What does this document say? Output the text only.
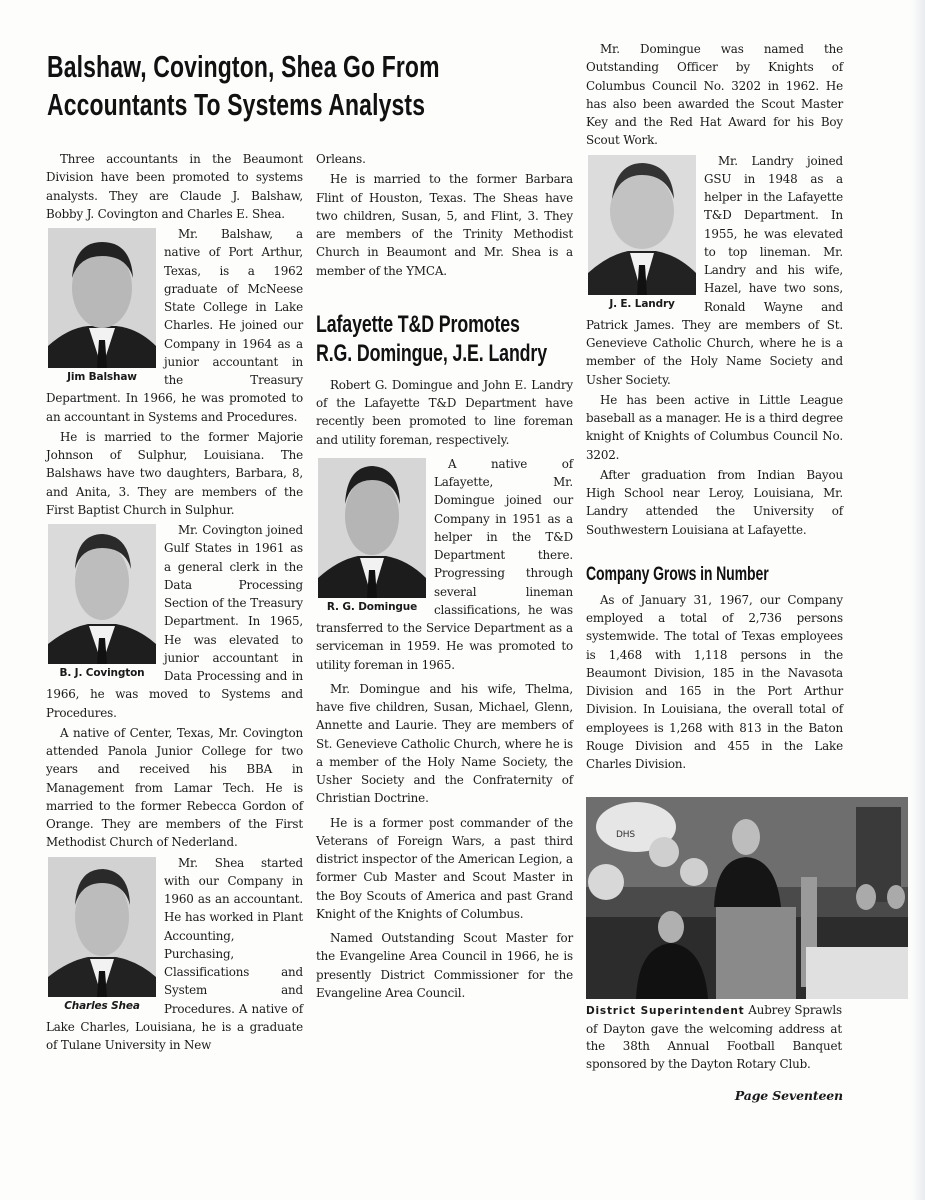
Balshaw, Covington, Shea Go From
Accountants To Systems Analysts

Three accountants in the Beaumont Division have been promoted to systems analysts. They are Claude J. Balshaw, Bobby J. Covington and Charles E. Shea.

Jim Balshaw

Mr. Balshaw, a native of Port Arthur, Texas, is a 1962 graduate of McNeese State College in Lake Charles. He joined our Company in 1964 as a junior accountant in the Treasury Department. In 1966, he was promoted to an accountant in Systems and Procedures.

He is married to the former Majorie Johnson of Sulphur, Louisiana. The Balshaws have two daughters, Barbara, 8, and Anita, 3. They are members of the First Baptist Church in Sulphur.

B. J. Covington

Mr. Covington joined Gulf States in 1961 as a general clerk in the Data Processing Section of the Treasury Department. In 1965, He was elevated to junior accountant in Data Processing and in 1966, he was moved to Systems and Procedures.

A native of Center, Texas, Mr. Covington attended Panola Junior College for two years and received his BBA in Management from Lamar Tech. He is married to the former Rebecca Gordon of Orange. They are members of the First Methodist Church of Nederland.

Charles Shea

Mr. Shea started with our Company in 1960 as an accountant. He has worked in Plant Accounting, Purchasing, Classifications and System and Procedures. A native of Lake Charles, Louisiana, he is a graduate of Tulane University in New

Orleans.

He is married to the former Barbara Flint of Houston, Texas. The Sheas have two children, Susan, 5, and Flint, 3. They are members of the Trinity Methodist Church in Beaumont and Mr. Shea is a member of the YMCA.

Lafayette T&D Promotes
R.G. Domingue, J.E. Landry

Robert G. Domingue and John E. Landry of the Lafayette T&D Department have recently been promoted to line foreman and utility foreman, respectively.

R. G. Domingue

A native of Lafayette, Mr. Domingue joined our Company in 1951 as a helper in the T&D Department there. Progressing through several lineman classifications, he was transferred to the Service Department as a serviceman in 1959. He was promoted to utility foreman in 1965.

Mr. Domingue and his wife, Thelma, have five children, Susan, Michael, Glenn, Annette and Laurie. They are members of St. Genevieve Catholic Church, where he is a member of the Holy Name Society, the Usher Society and the Confraternity of Christian Doctrine.

He is a former post commander of the Veterans of Foreign Wars, a past third district inspector of the American Legion, a former Cub Master and Scout Master in the Boy Scouts of America and past Grand Knight of the Knights of Columbus.

Named Outstanding Scout Master for the Evangeline Area Council in 1966, he is presently District Commissioner for the Evangeline Area Council.

Mr. Domingue was named the Outstanding Officer by Knights of Columbus Council No. 3202 in 1962. He has also been awarded the Scout Master Key and the Red Hat Award for his Boy Scout Work.

J. E. Landry

Mr. Landry joined GSU in 1948 as a helper in the Lafayette T&D Department. In 1955, he was elevated to top lineman. Mr. Landry and his wife, Hazel, have two sons, Ronald Wayne and Patrick James. They are members of St. Genevieve Catholic Church, where he is a member of the Holy Name Society and Usher Society.

He has been active in Little League baseball as a manager. He is a third degree knight of Knights of Columbus Council No. 3202.

After graduation from Indian Bayou High School near Leroy, Louisiana, Mr. Landry attended the University of Southwestern Louisiana at Lafayette.

Company Grows in Number

As of January 31, 1967, our Company employed a total of 2,736 persons systemwide. The total of Texas employees is 1,468 with 1,118 persons in the Beaumont Division, 185 in the Navasota Division and 165 in the Port Arthur Division. In Louisiana, the overall total of employees is 1,268 with 813 in the Baton Rouge Division and 455 in the Lake Charles Division.

DHS
District Superintendent Aubrey Sprawls of Dayton gave the welcoming address at the 38th Annual Football Banquet sponsored by the Dayton Rotary Club.
Page Seventeen
